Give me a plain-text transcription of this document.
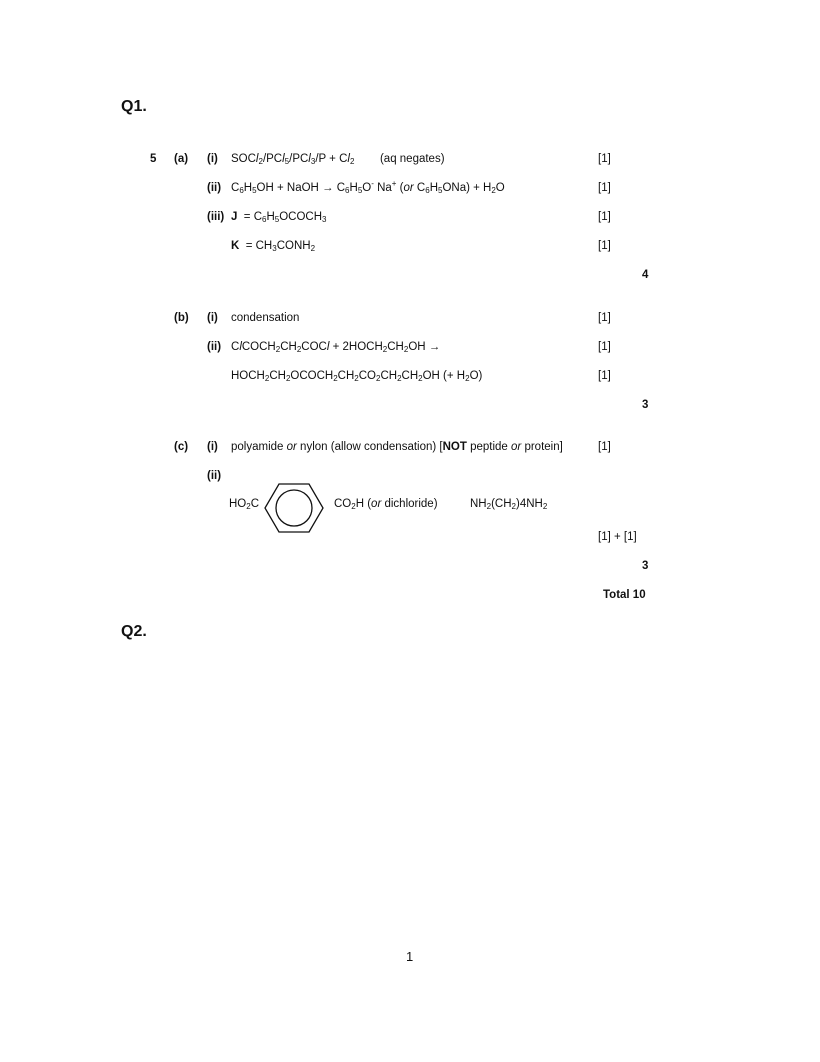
Q1.
5 (a) (i) SOCl$_2$/PCl$_5$/PCl$_3$/P + $Cl_2$        (aq negates)	[1]
(ii) $C_6H_5OH$ + NaOH → $C_6H_5O^-$ Na+ (or $C_6H_5ONa) + H_2O$	[1]
(iii) $J = C_6H_5OCOCH_3$	[1]
$K = CH_3CONH_2$	[1]
4
(b) (i) condensation	[1]
(ii) $ClCOCH_2CH_2COCl$ + $2HOCH_2CH_2OH$ →	[1]
$HOCH_2CH_2OCOCH_2CH_2CO_2CH_2CH_2OH$ (+ $H_2O$)	[1]
3
(c) (i) polyamide or nylon (allow condensation) [NOT peptide or protein]	[1]
(ii)
$HO_2C$	$CO_2H$ (or dichloride)	$NH_2(CH_2)4NH_2$
[1] + [1]
3
Total 10
Q2.
1
